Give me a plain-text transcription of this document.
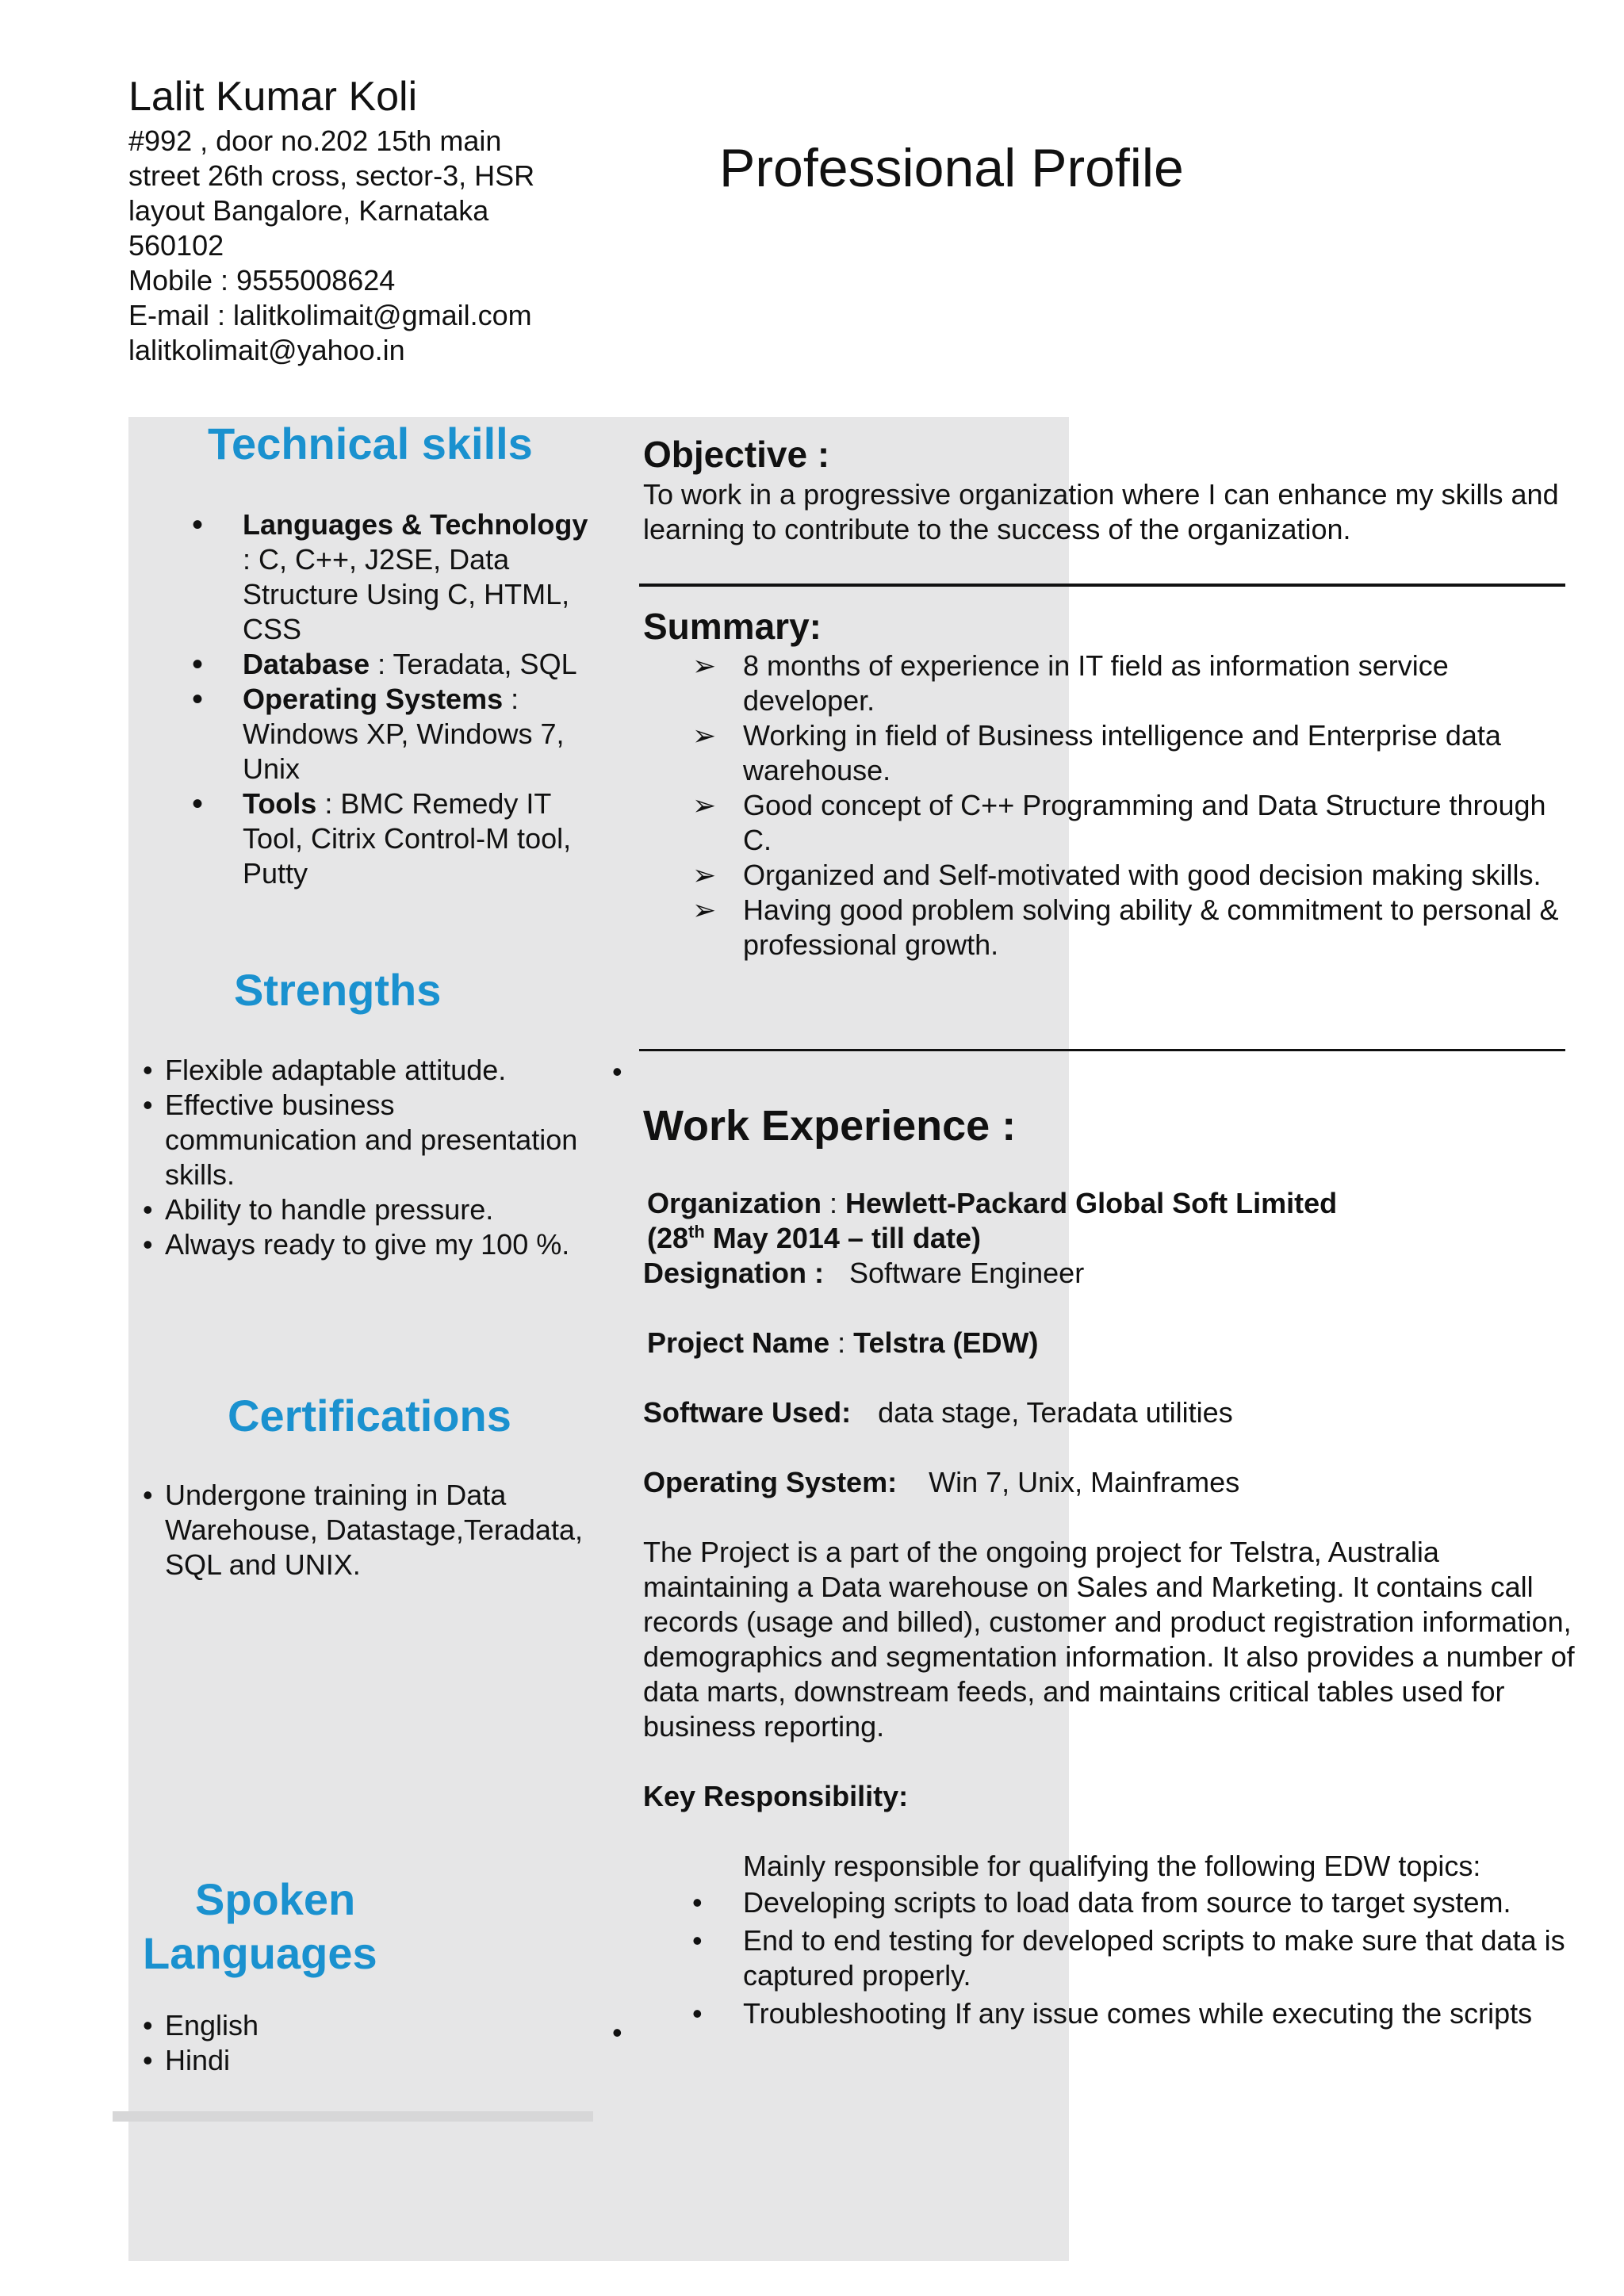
Lalit Kumar Koli
#992 , door no.202 15th main
street 26th cross, sector-3, HSR
layout Bangalore, Karnataka
560102
Mobile : 9555008624
E-mail : lalitkolimait@gmail.com
lalitkolimait@yahoo.in
Professional Profile
Technical skills
• Languages & Technology : C, C++, J2SE, Data Structure Using C, HTML, CSS
• Database : Teradata, SQL
• Operating Systems : Windows XP, Windows 7, Unix
• Tools : BMC Remedy IT Tool, Citrix Control-M tool, Putty
Strengths
• Flexible adaptable attitude.
• Effective business communication and presentation skills.
• Ability to handle pressure.
• Always ready to give my 100 %.
Certifications
• Undergone training in Data Warehouse, Datastage,Teradata, SQL and UNIX.
Spoken
Languages
• English
• Hindi
•
•
Objective :
To work in a progressive organization where I can enhance my skills and learning to contribute to the success of the organization.
Summary:
➢ 8 months of experience in IT field as information service developer.
➢ Working in field of Business intelligence and Enterprise data warehouse.
➢ Good concept of C++ Programming and Data Structure through C.
➢ Organized and Self-motivated with good decision making skills.
➢ Having good problem solving ability & commitment to personal & professional growth.
Work Experience :
Organization : Hewlett-Packard Global Soft Limited
(28th May 2014 – till date)
Designation : Software Engineer
Project Name : Telstra (EDW)
Software Used: data stage, Teradata utilities
Operating System: Win 7, Unix, Mainframes
The Project is a part of the ongoing project for Telstra, Australia maintaining a Data warehouse on Sales and Marketing. It contains call records (usage and billed), customer and product registration information, demographics and segmentation information. It also provides a number of data marts, downstream feeds, and maintains critical tables used for business reporting.
Key Responsibility:
Mainly responsible for qualifying the following EDW topics:
• Developing scripts to load data from source to target system.
• End to end testing for developed scripts to make sure that data is captured properly.
• Troubleshooting If any issue comes while executing the scripts
